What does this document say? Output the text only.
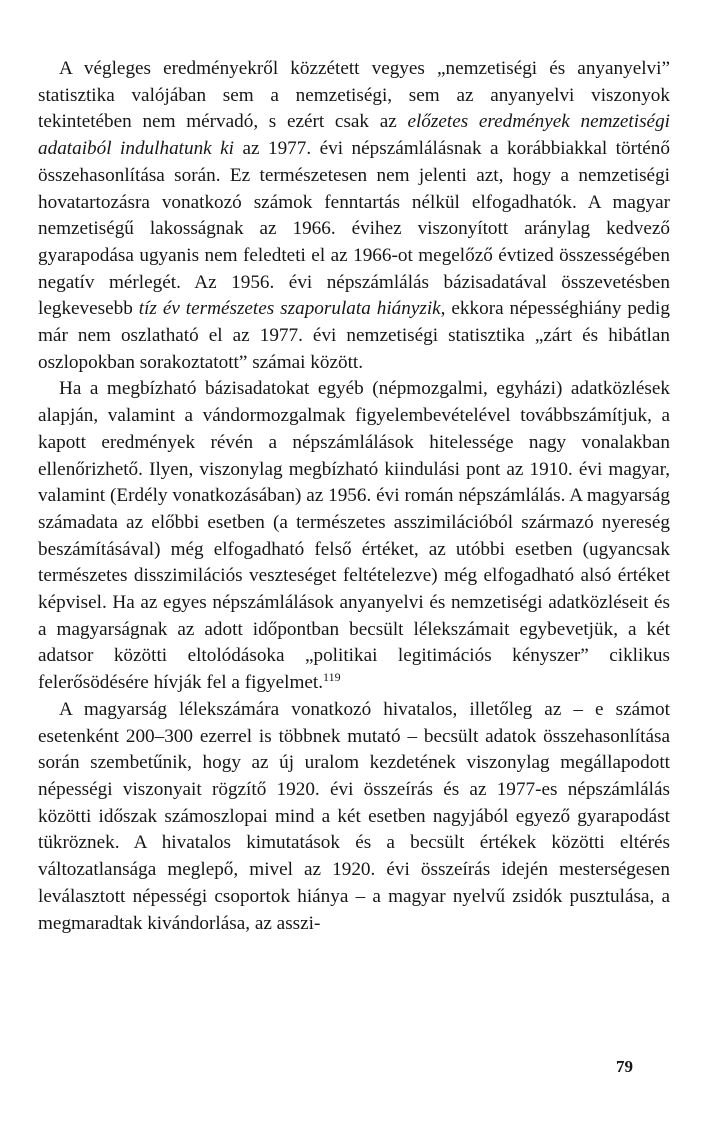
A végleges eredményekről közzétett vegyes „nemzetiségi és anyanyelvi” statisztika valójában sem a nemzetiségi, sem az anyanyelvi viszonyok tekintetében nem mérvadó, s ezért csak az előzetes eredmények nemzetiségi adataiból indulhatunk ki az 1977. évi népszámlálásnak a korábbiakkal történő összehasonlítása során. Ez természetesen nem jelenti azt, hogy a nemzetiségi hovatartozásra vonatkozó számok fenntartás nélkül elfogadhatók. A magyar nemzetiségű lakosságnak az 1966. évihez viszonyított aránylag kedvező gyarapodása ugyanis nem feledteti el az 1966-ot megelőző évtized összességében negatív mérlegét. Az 1956. évi népszámlálás bázisadatával összevetésben legkevesebb tíz év természetes szaporulata hiányzik, ekkora népességhiány pedig már nem oszlatható el az 1977. évi nemzetiségi statisztika „zárt és hibátlan oszlopokban sorakoztatott” számai között.

Ha a megbízható bázisadatokat egyéb (népmozgalmi, egyházi) adatközlések alapján, valamint a vándormozgalmak figyelembevételével továbbszámítjuk, a kapott eredmények révén a népszámlálások hitelessége nagy vonalakban ellenőrizhető. Ilyen, viszonylag megbízható kiindulási pont az 1910. évi magyar, valamint (Erdély vonatkozásában) az 1956. évi román népszámlálás. A magyarság számadata az előbbi esetben (a természetes asszimilációból származó nyereség beszámításával) még elfogadható felső értéket, az utóbbi esetben (ugyancsak természetes disszimilációs veszteséget feltételezve) még elfogadható alsó értéket képvisel. Ha az egyes népszámlálások anyanyelvi és nemzetiségi adatközléseit és a magyarságnak az adott időpontban becsült lélekszámait egybevetjük, a két adatsor közötti eltolódásoka „politikai legitimációs kényszer” ciklikus felerősödésére hívják fel a figyelmet.$^{119}$

A magyarság lélekszámára vonatkozó hivatalos, illetőleg az – e számot esetenként 200–300 ezerrel is többnek mutató – becsült adatok összehasonlítása során szembetűnik, hogy az új uralom kezdetének viszonylag megállapodott népességi viszonyait rögzítő 1920. évi összeírás és az 1977-es népszámlálás közötti időszak számoszlopai mind a két esetben nagyjából egyező gyarapodást tükröznek. A hivatalos kimutatások és a becsült értékek közötti eltérés változatlansága meglepő, mivel az 1920. évi összeírás idején mesterségesen leválasztott népességi csoportok hiánya – a magyar nyelvű zsidók pusztulása, a megmaradtak kivándorlása, az asszi-

79
